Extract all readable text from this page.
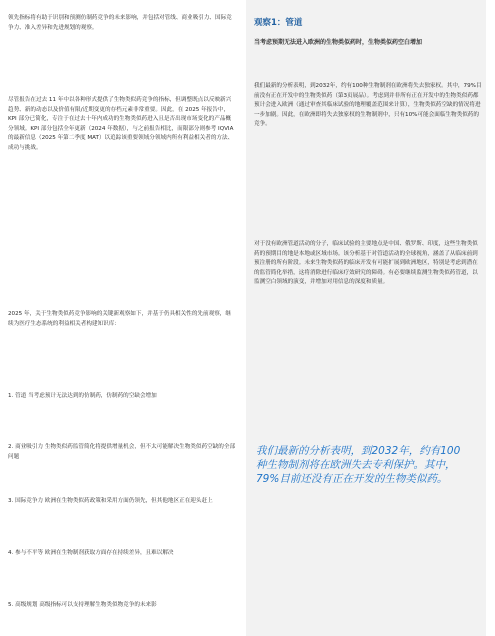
领先指标将有助于识别和预测仿制药竞争的未来影响，并包括对管线、商业吸引力、国际竞争力、准入差异和先进规划的观察。

尽管报告在过去 11 年中以各种形式提供了生物类似药竞争的指标，但调整既点以反映新兴趋势、新的动态以及价值有限/近期变更的存档元素非常重要。因此，在 2025 年报告中，KPI 部分已简化，专注于在过去十年内成功的生物类似药进入且是否出现市场变化的产品概分领域。KPI 部分包括全年更新（2024 年数据），与之前报告相比，而限部分则参考 IQVIA 的最新信息（2025 年第二季度 MAT）以追踪该重要领域分领域内所有利益相关者的方法、成功与挑战。

2025 年，关于生物类似药竞争影响的关键新观察如下，并基于仍具相关性的先前观察，继续为医疗生态系统的利益相关者构建知识库：

1. 管道 当考虑预计无法达到的仿制药，仿制药的空缺会增加

2. 商业吸引力 生物类似药监管简化将提供增量机会，但不太可能解决生物类似药空缺的全部问题

3. 国际竞争力 欧洲在生物类似药政策和采用方面仍领先，但其他地区正在迎头赶上

4. 参与不平等 欧洲在生物制剂获取方面存在持续差异，且难以解决

5. 高级规划 高级指标可以支持理解生物类似物竞争的未来影

观察1：管道
当考虑预期无法进入欧洲的生物类似药时，生物类似药空白增加

我们最新的分析表明，到2032年，约有100种生物制剂在欧洲将失去独家权。其中，79%目前没有正在开发中的生物类似药（第3页展品）。考虑到并非所有正在开发中的生物类似药都预计会进入欧洲（通过审查其临床试验的地理覆盖范围来计算），生物类似药空缺的情况将进一步加剧。因此，在欧洲即将失去独家权的生物制剂中，只有10%可能会面临生物类似药的竞争。

对于没有欧洲管道活动的分子，临床试验的主要地点是中国、俄罗斯、印度，这些生物类似药的预期目的地是本地或区域市场。该分析基于对管道活动的全球视角，涵盖了从临床前到预注册的所有阶段。未来生物类似药的临床开发有可能扩展到欧洲地区，特别是考虑到潜在的监管简化举措，这将消除进行临床疗效研究的障碍。有必要继续监测生物类似药管道，以监测空白领域的演变，并增加对用信息的深度和质量。

我们最新的分析表明，到2032年，约有100种生物制剂将在欧洲失去专利保护。其中，79%目前还没有正在开发的生物类似药。
